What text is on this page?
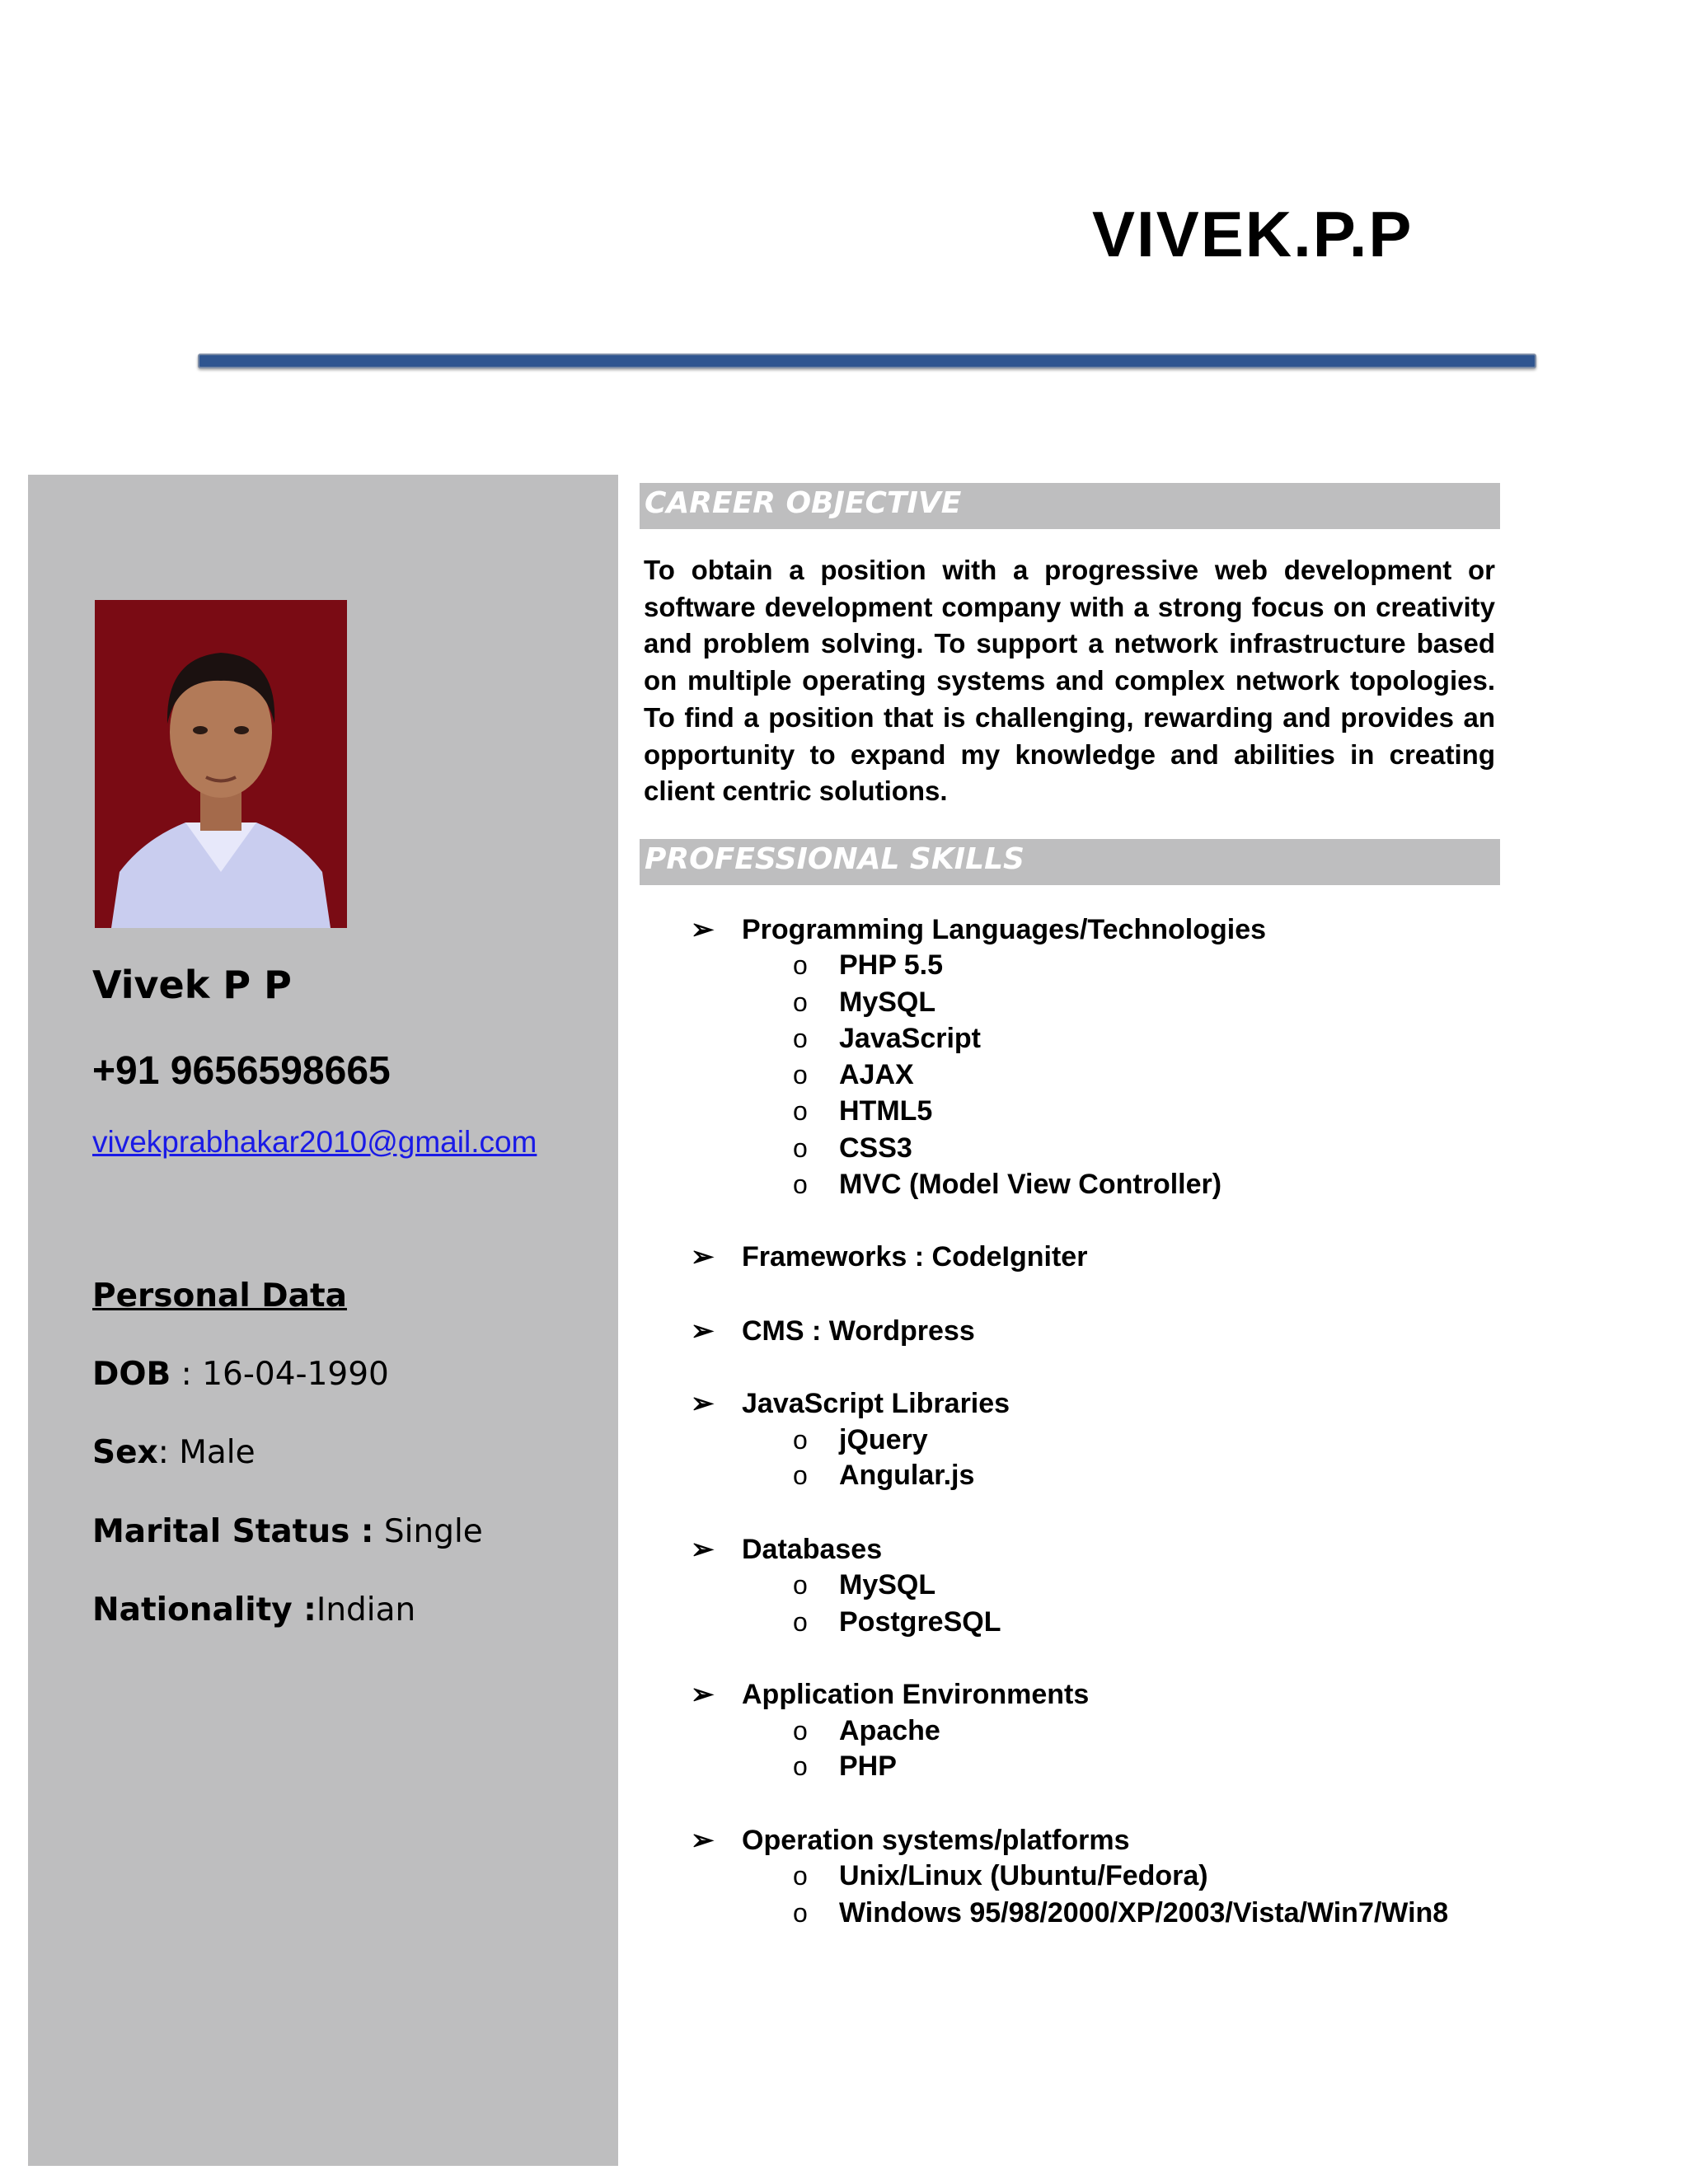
VIVEK.P.P
Vivek P P
+91 9656598665
vivekprabhakar2010@gmail.com
Personal Data
DOB : 16-04-1990
Sex: Male
Marital Status : Single
Nationality :Indian
CAREER OBJECTIVE

To obtain a position with a progressive web development or software development company with a strong focus on creativity and problem solving. To support a network infrastructure based on multiple operating systems and complex network topologies. To find a position that is challenging, rewarding and provides an opportunity to expand my knowledge and abilities in creating client centric solutions.

PROFESSIONAL SKILLS
➢ Programming Languages/Technologies
o PHP 5.5
o MySQL
o JavaScript
o AJAX
o HTML5
o CSS3
o MVC (Model View Controller)
➢ Frameworks : CodeIgniter
➢ CMS : Wordpress
➢ JavaScript Libraries
o jQuery
o Angular.js
➢ Databases
o MySQL
o PostgreSQL
➢ Application Environments
o Apache
o PHP
➢ Operation systems/platforms
o Unix/Linux (Ubuntu/Fedora)
o Windows 95/98/2000/XP/2003/Vista/Win7/Win8
